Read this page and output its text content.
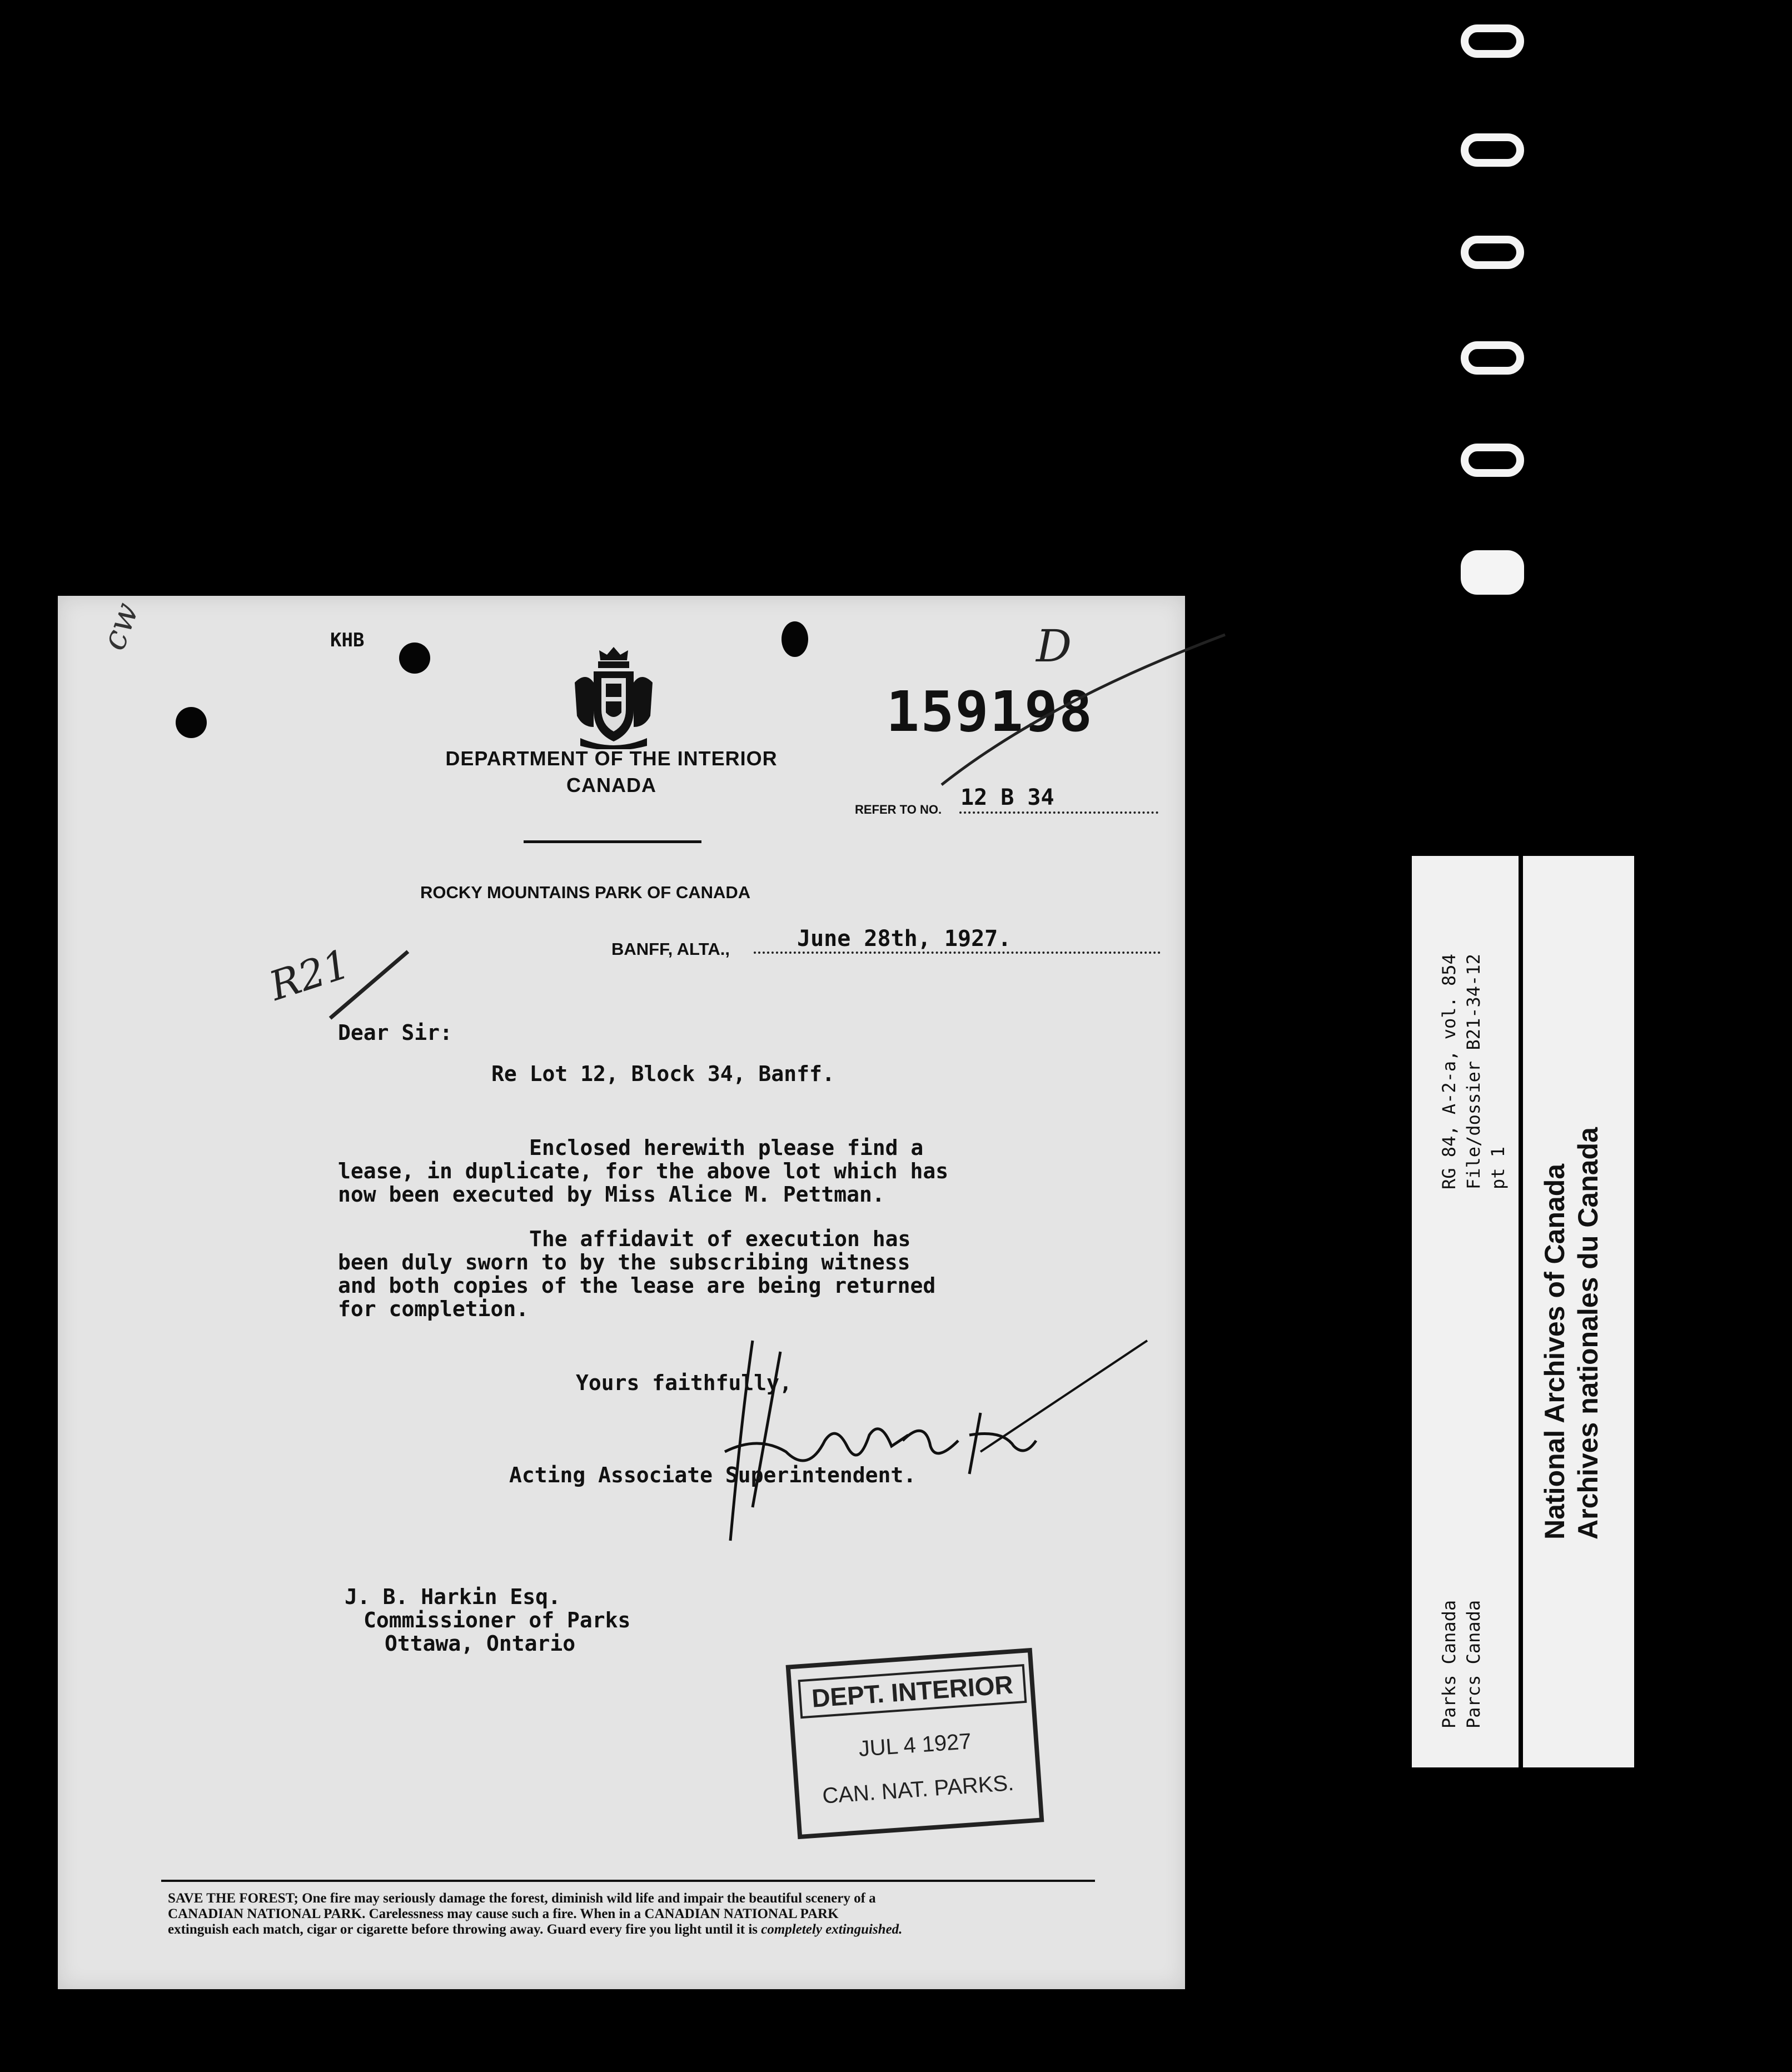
cw	KHB
DEPARTMENT OF THE INTERIOR
CANADA
159198
D
REFER TO NO. 12 B 34
ROCKY MOUNTAINS PARK OF CANADA
R21	BANFF, ALTA.,	June 28th, 1927.
Dear Sir:
Re Lot 12, Block 34, Banff.
Enclosed herewith please find a
lease, in duplicate, for the above lot which has
now been executed by Miss Alice M. Pettman.
The affidavit of execution has
been duly sworn to by the subscribing witness
and both copies of the lease are being returned
for completion.
Yours faithfully,
Acting Associate Superintendent.
J. B. Harkin Esq.
Commissioner of Parks
Ottawa, Ontario
DEPT. INTERIOR
JUL 4 1927
CAN. NAT. PARKS.
SAVE THE FOREST; One fire may seriously damage the forest, diminish wild life and impair the beautiful scenery of a
CANADIAN NATIONAL PARK. Carelessness may cause such a fire. When in a CANADIAN NATIONAL PARK
extinguish each match, cigar or cigarette before throwing away. Guard every fire you light until it is completely extinguished.
RG 84, A-2-a, vol. 854 File/dossier B21-34-12 pt 1
Parks Canada Parcs Canada
National Archives of Canada Archives nationales du Canada
